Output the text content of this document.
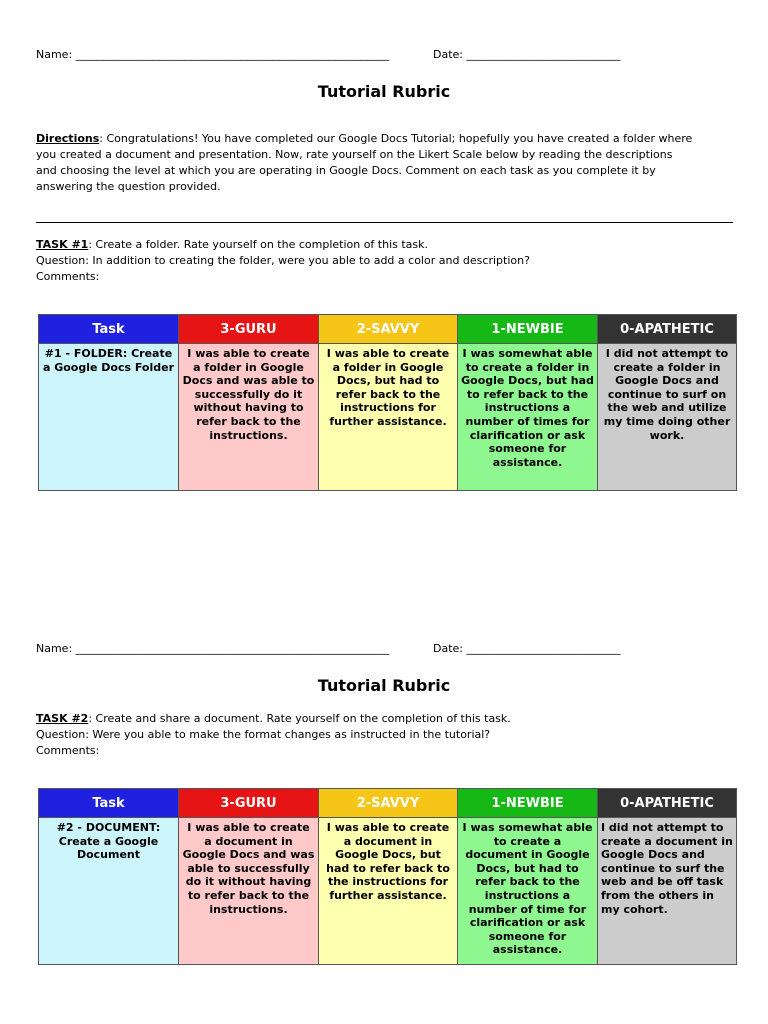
Name: _________________________________________________________	Date: ____________________________
Tutorial Rubric
Directions: Congratulations! You have completed our Google Docs Tutorial; hopefully you have created a folder where
you created a document and presentation. Now, rate yourself on the Likert Scale below by reading the descriptions
and choosing the level at which you are operating in Google Docs. Comment on each task as you complete it by
answering the question provided.
TASK #1: Create a folder. Rate yourself on the completion of this task.
Question: In addition to creating the folder, were you able to add a color and description?
Comments:
Task	3-GURU	2-SAVVY	1-NEWBIE	0-APATHETIC
#1 - FOLDER: Create a Google Docs Folder	I was able to create a folder in Google Docs and was able to successfully do it without having to refer back to the instructions.	I was able to create a folder in Google Docs, but had to refer back to the instructions for further assistance.	I was somewhat able to create a folder in Google Docs, but had to refer back to the instructions a number of times for clarification or ask someone for assistance.	I did not attempt to create a folder in Google Docs and continue to surf on the web and utilize my time doing other work.
Name: _________________________________________________________	Date: ____________________________
Tutorial Rubric
TASK #2: Create and share a document. Rate yourself on the completion of this task.
Question: Were you able to make the format changes as instructed in the tutorial?
Comments:
Task	3-GURU	2-SAVVY	1-NEWBIE	0-APATHETIC
#2 - DOCUMENT: Create a Google Document	I was able to create a document in Google Docs and was able to successfully do it without having to refer back to the instructions.	I was able to create a document in Google Docs, but had to refer back to the instructions for further assistance.	I was somewhat able to create a document in Google Docs, but had to refer back to the instructions a number of time for clarification or ask someone for assistance.	I did not attempt to create a document in Google Docs and continue to surf the web and be off task from the others in my cohort.
